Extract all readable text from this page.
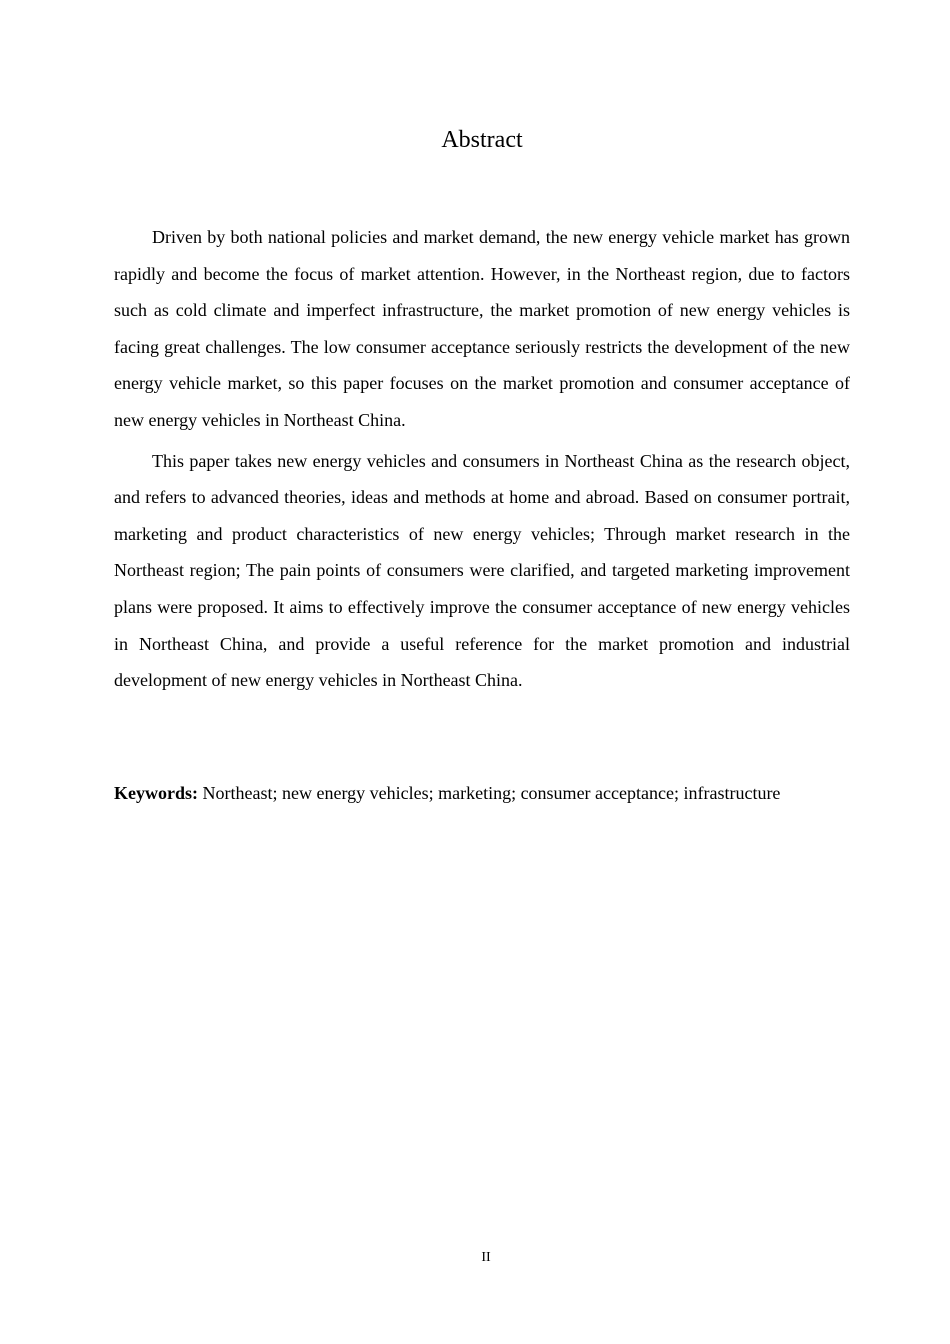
Abstract

Driven by both national policies and market demand, the new energy vehicle market has grown rapidly and become the focus of market attention. However, in the Northeast region, due to factors such as cold climate and imperfect infrastructure, the market promotion of new energy vehicles is facing great challenges. The low consumer acceptance seriously restricts the development of the new energy vehicle market, so this paper focuses on the market promotion and consumer acceptance of new energy vehicles in Northeast China.

This paper takes new energy vehicles and consumers in Northeast China as the research object, and refers to advanced theories, ideas and methods at home and abroad. Based on consumer portrait, marketing and product characteristics of new energy vehicles; Through market research in the Northeast region; The pain points of consumers were clarified, and targeted marketing improvement plans were proposed. It aims to effectively improve the consumer acceptance of new energy vehicles in Northeast China, and provide a useful reference for the market promotion and industrial development of new energy vehicles in Northeast China.

Keywords: Northeast; new energy vehicles; marketing; consumer acceptance; infrastructure

II
